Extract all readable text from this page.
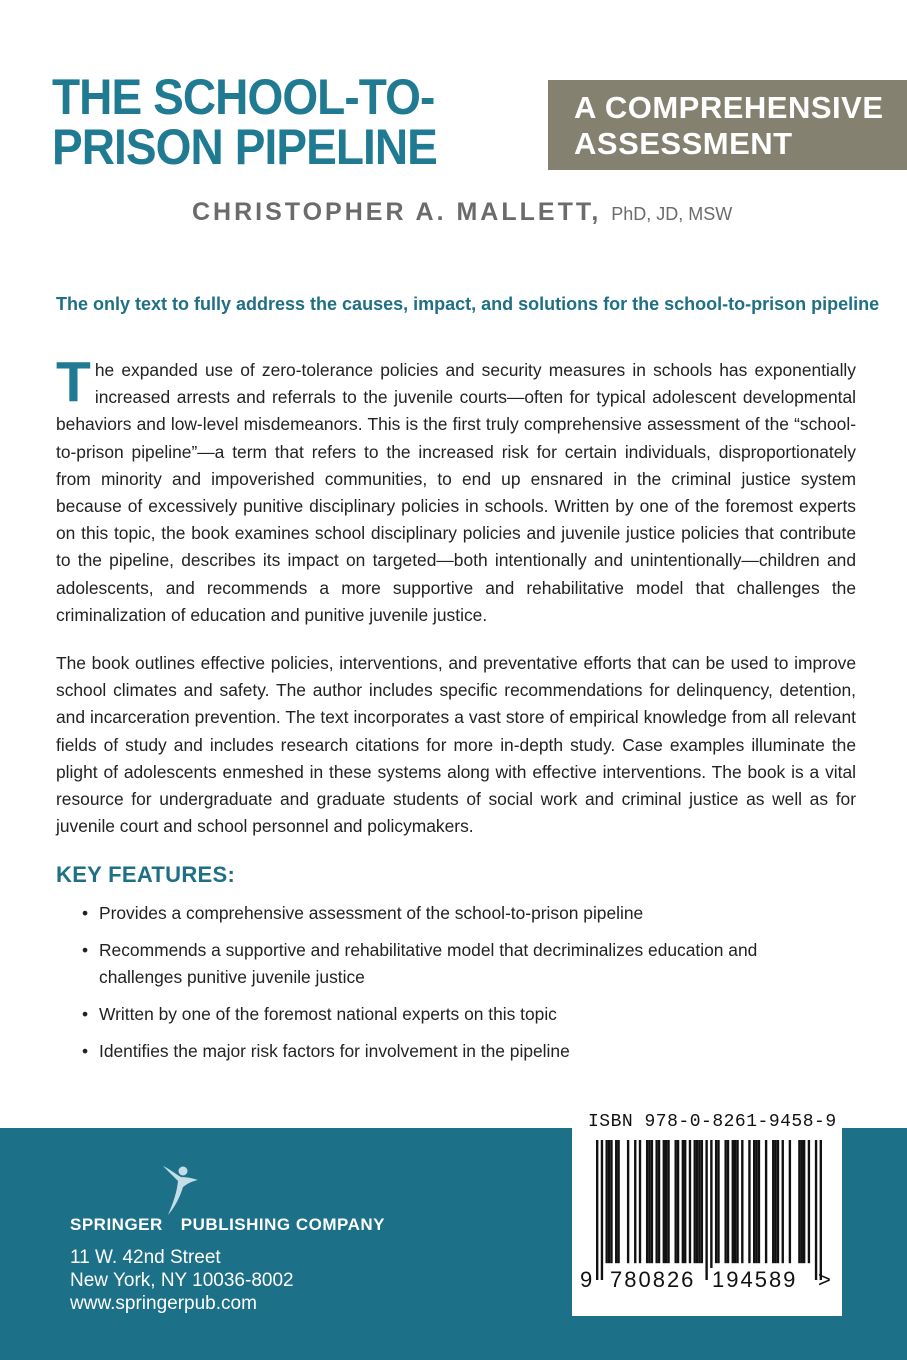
THE SCHOOL-TO-
PRISON PIPELINE
A COMPREHENSIVE
ASSESSMENT
CHRISTOPHER A. MALLETT, PhD, JD, MSW
The only text to fully address the causes, impact, and solutions for the school-to-prison pipeline

The expanded use of zero-tolerance policies and security measures in schools has exponentially increased arrests and referrals to the juvenile courts—often for typical adolescent developmental behaviors and low-level misdemeanors. This is the first truly comprehensive assessment of the “school-to-prison pipeline”—a term that refers to the increased risk for certain individuals, disproportionately from minority and impoverished communities, to end up ensnared in the criminal justice system because of excessively punitive disciplinary policies in schools. Written by one of the foremost experts on this topic, the book examines school disciplinary policies and juvenile justice policies that contribute to the pipeline, describes its impact on targeted—both intentionally and unintentionally—children and adolescents, and recommends a more supportive and rehabilitative model that challenges the criminalization of education and punitive juvenile justice.

The book outlines effective policies, interventions, and preventative efforts that can be used to improve school climates and safety. The author includes specific recommendations for delinquency, detention, and incarceration prevention. The text incorporates a vast store of empirical knowledge from all relevant fields of study and includes research citations for more in-depth study. Case examples illuminate the plight of adolescents enmeshed in these systems along with effective interventions. The book is a vital resource for undergraduate and graduate students of social work and criminal justice as well as for juvenile court and school personnel and policymakers.

KEY FEATURES:
• Provides a comprehensive assessment of the school-to-prison pipeline
• Recommends a supportive and rehabilitative model that decriminalizes education and challenges punitive juvenile justice
• Written by one of the foremost national experts on this topic
• Identifies the major risk factors for involvement in the pipeline
SPRINGER PUBLISHING COMPANY
11 W. 42nd Street
New York, NY 10036-8002
www.springerpub.com
ISBN 978-0-8261-9458-9
9 780826 194589 >
